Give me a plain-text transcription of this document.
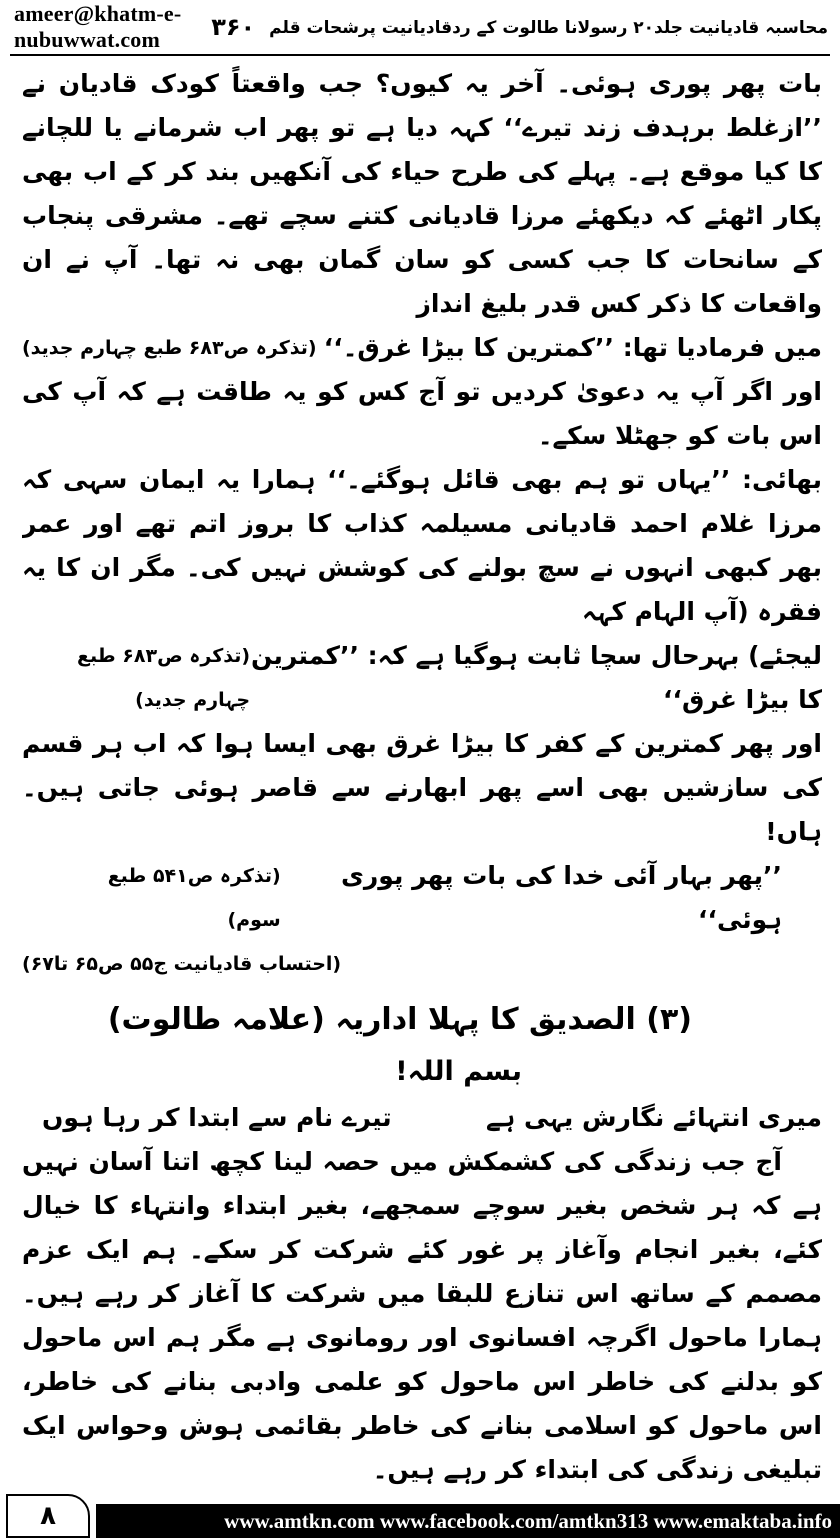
ameer@khatm-e-nubuwwat.com	محاسبہ قادیانیت جلد۲۰ رسولانا طالوت کے ردقادیانیت پرشحات قلم
۳۶۰

بات پھر پوری ہوئی۔ آخر یہ کیوں؟ جب واقعتاً کودک قادیان نے ’’ازغلط برہدف زند تیرے‘‘ کہہ دیا ہے تو پھر اب شرمانے یا للچانے کا کیا موقع ہے۔ پہلے کی طرح حیاء کی آنکھیں بند کر کے اب بھی پکار اٹھئے کہ دیکھئے مرزا قادیانی کتنے سچے تھے۔ مشرقی پنجاب کے سانحات کا جب کسی کو سان گمان بھی نہ تھا۔ آپ نے ان واقعات کا ذکر کس قدر بلیغ انداز

میں فرمادیا تھا: ’’کمترین کا بیڑا غرق۔‘‘
(تذکرہ ص۶۸۳ طبع چہارم جدید)

اور اگر آپ یہ دعویٰ کردیں تو آج کس کو یہ طاقت ہے کہ آپ کی اس بات کو جھٹلا سکے۔

بھائی: ’’یہاں تو ہم بھی قائل ہوگئے۔‘‘ ہمارا یہ ایمان سہی کہ مرزا غلام احمد قادیانی مسیلمہ کذاب کا بروز اتم تھے اور عمر بھر کبھی انہوں نے سچ بولنے کی کوشش نہیں کی۔ مگر ان کا یہ فقرہ (آپ الہام کہہ

لیجئے) بہرحال سچا ثابت ہوگیا ہے کہ: ’’کمترین کا بیڑا غرق‘‘
(تذکرہ ص۶۸۳ طبع چہارم جدید)

اور پھر کمترین کے کفر کا بیڑا غرق بھی ایسا ہوا کہ اب ہر قسم کی سازشیں بھی اسے پھر ابھارنے سے قاصر ہوئی جاتی ہیں۔ ہاں!

’’پھر بہار آئی خدا کی بات پھر پوری ہوئی‘‘
(تذکرہ ص۵۴۱ طبع سوم)
(احتساب قادیانیت ج۵۵ ص۶۵ تا۶۷)
(۳) الصدیق کا پہلا اداریہ (علامہ طالوت)
بسم اللہ!
میری انتہائے نگارش یہی ہے
تیرے نام سے ابتدا کر رہا ہوں

آج جب زندگی کی کشمکش میں حصہ لینا کچھ اتنا آسان نہیں ہے کہ ہر شخص بغیر سوچے سمجھے، بغیر ابتداء وانتہاء کا خیال کئے، بغیر انجام وآغاز پر غور کئے شرکت کر سکے۔ ہم ایک عزم مصمم کے ساتھ اس تنازع للبقا میں شرکت کا آغاز کر رہے ہیں۔ ہمارا ماحول اگرچہ افسانوی اور رومانوی ہے مگر ہم اس ماحول کو بدلنے کی خاطر اس ماحول کو علمی وادبی بنانے کی خاطر، اس ماحول کو اسلامی بنانے کی خاطر بقائمی ہوش وحواس ایک تبلیغی زندگی کی ابتداء کر رہے ہیں۔

www.amtkn.com www.facebook.com/amtkn313 www.emaktaba.info
۸
